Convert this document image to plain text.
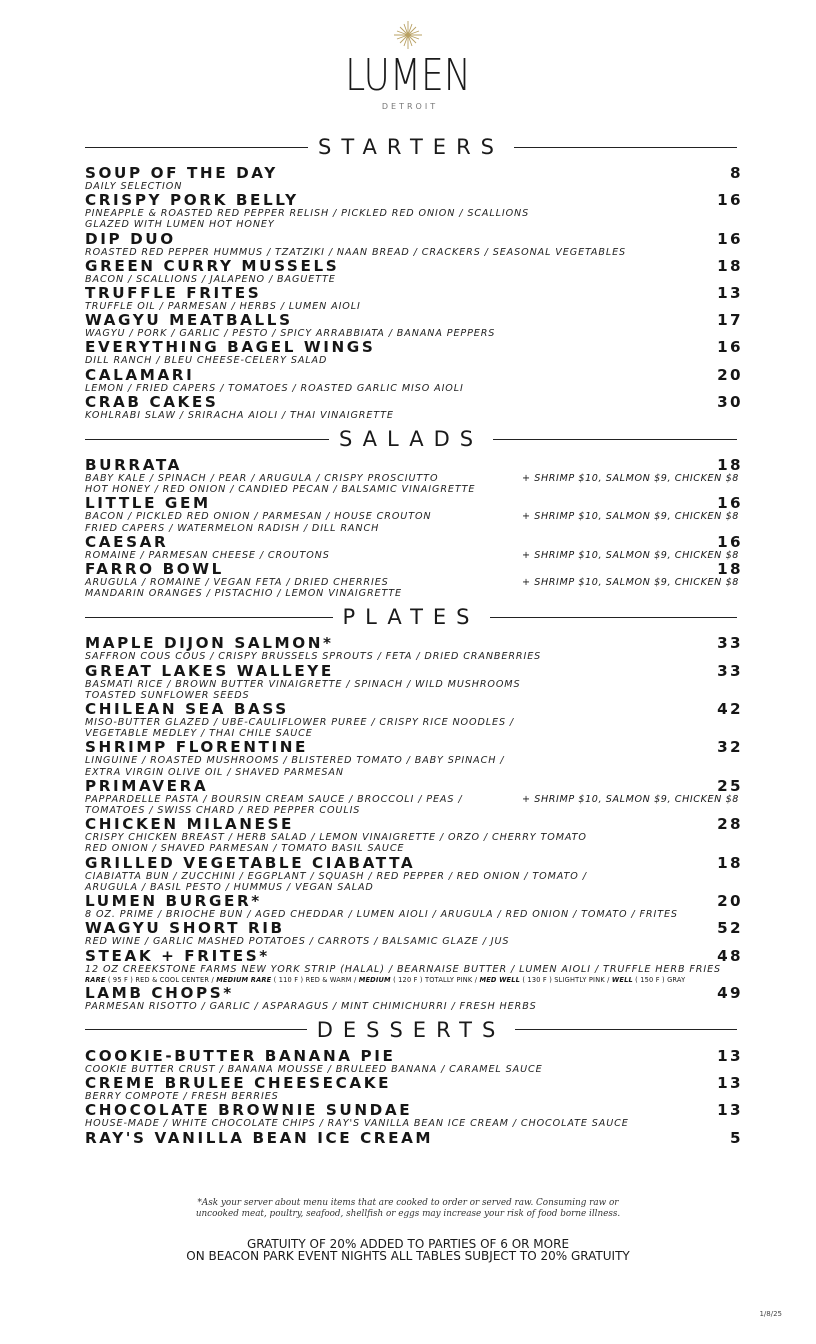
LUMEN
DETROIT
STARTERS
SOUP OF THE DAY	8
DAILY SELECTION
CRISPY PORK BELLY	16
PINEAPPLE & ROASTED RED PEPPER RELISH / PICKLED RED ONION / SCALLIONS
GLAZED WITH LUMEN HOT HONEY
DIP DUO	16
ROASTED RED PEPPER HUMMUS / TZATZIKI / NAAN BREAD / CRACKERS / SEASONAL VEGETABLES
GREEN CURRY MUSSELS	18
BACON / SCALLIONS / JALAPENO / BAGUETTE
TRUFFLE FRITES	13
TRUFFLE OIL / PARMESAN / HERBS / LUMEN AIOLI
WAGYU MEATBALLS	17
WAGYU / PORK / GARLIC / PESTO / SPICY ARRABBIATA / BANANA PEPPERS
EVERYTHING BAGEL WINGS	16
DILL RANCH / BLEU CHEESE-CELERY SALAD
CALAMARI	20
LEMON / FRIED CAPERS / TOMATOES / ROASTED GARLIC MISO AIOLI
CRAB CAKES	30
KOHLRABI SLAW / SRIRACHA AIOLI / THAI VINAIGRETTE
SALADS
BURRATA	18
BABY KALE / SPINACH / PEAR / ARUGULA / CRISPY PROSCIUTTO	+ SHRIMP $10, SALMON $9, CHICKEN $8
HOT HONEY / RED ONION / CANDIED PECAN / BALSAMIC VINAIGRETTE
LITTLE GEM	16
BACON / PICKLED RED ONION / PARMESAN / HOUSE CROUTON	+ SHRIMP $10, SALMON $9, CHICKEN $8
FRIED CAPERS / WATERMELON RADISH / DILL RANCH
CAESAR	16
ROMAINE / PARMESAN CHEESE / CROUTONS	+ SHRIMP $10, SALMON $9, CHICKEN $8
FARRO BOWL	18
ARUGULA / ROMAINE / VEGAN FETA / DRIED CHERRIES	+ SHRIMP $10, SALMON $9, CHICKEN $8
MANDARIN ORANGES / PISTACHIO / LEMON VINAIGRETTE
PLATES
MAPLE DIJON SALMON*	33
SAFFRON COUS COUS / CRISPY BRUSSELS SPROUTS / FETA / DRIED CRANBERRIES
GREAT LAKES WALLEYE	33
BASMATI RICE / BROWN BUTTER VINAIGRETTE / SPINACH / WILD MUSHROOMS
TOASTED SUNFLOWER SEEDS
CHILEAN SEA BASS	42
MISO-BUTTER GLAZED / UBE-CAULIFLOWER PUREE / CRISPY RICE NOODLES /
VEGETABLE MEDLEY / THAI CHILE SAUCE
SHRIMP FLORENTINE	32
LINGUINE / ROASTED MUSHROOMS / BLISTERED TOMATO / BABY SPINACH /
EXTRA VIRGIN OLIVE OIL / SHAVED PARMESAN
PRIMAVERA	25
PAPPARDELLE PASTA / BOURSIN CREAM SAUCE / BROCCOLI / PEAS /	+ SHRIMP $10, SALMON $9, CHICKEN $8
TOMATOES / SWISS CHARD / RED PEPPER COULIS
CHICKEN MILANESE	28
CRISPY CHICKEN BREAST / HERB SALAD / LEMON VINAIGRETTE / ORZO / CHERRY TOMATO
RED ONION / SHAVED PARMESAN / TOMATO BASIL SAUCE
GRILLED VEGETABLE CIABATTA	18
CIABIATTA BUN / ZUCCHINI / EGGPLANT / SQUASH / RED PEPPER / RED ONION / TOMATO /
ARUGULA / BASIL PESTO / HUMMUS / VEGAN SALAD
LUMEN BURGER*	20
8 OZ. PRIME / BRIOCHE BUN / AGED CHEDDAR / LUMEN AIOLI / ARUGULA / RED ONION / TOMATO / FRITES
WAGYU SHORT RIB	52
RED WINE / GARLIC MASHED POTATOES / CARROTS / BALSAMIC GLAZE / JUS
STEAK + FRITES*	48
12 OZ CREEKSTONE FARMS NEW YORK STRIP (HALAL) / BEARNAISE BUTTER / LUMEN AIOLI / TRUFFLE HERB FRIES
RARE ( 95 F ) RED & COOL CENTER / MEDIUM RARE ( 110 F ) RED & WARM / MEDIUM ( 120 F ) TOTALLY PINK / MED WELL ( 130 F ) SLIGHTLY PINK / WELL ( 150 F ) GRAY
LAMB CHOPS*	49
PARMESAN RISOTTO / GARLIC / ASPARAGUS / MINT CHIMICHURRI / FRESH HERBS
DESSERTS
COOKIE-BUTTER BANANA PIE	13
COOKIE BUTTER CRUST / BANANA MOUSSE / BRULEED BANANA / CARAMEL SAUCE
CREME BRULEE CHEESECAKE	13
BERRY COMPOTE / FRESH BERRIES
CHOCOLATE BROWNIE SUNDAE	13
HOUSE-MADE / WHITE CHOCOLATE CHIPS / RAY'S VANILLA BEAN ICE CREAM / CHOCOLATE SAUCE
RAY'S VANILLA BEAN ICE CREAM	5
*Ask your server about menu items that are cooked to order or served raw. Consuming raw or
uncooked meat, poultry, seafood, shellfish or eggs may increase your risk of food borne illness.
GRATUITY OF 20% ADDED TO PARTIES OF 6 OR MORE
ON BEACON PARK EVENT NIGHTS ALL TABLES SUBJECT TO 20% GRATUITY
1/8/25
